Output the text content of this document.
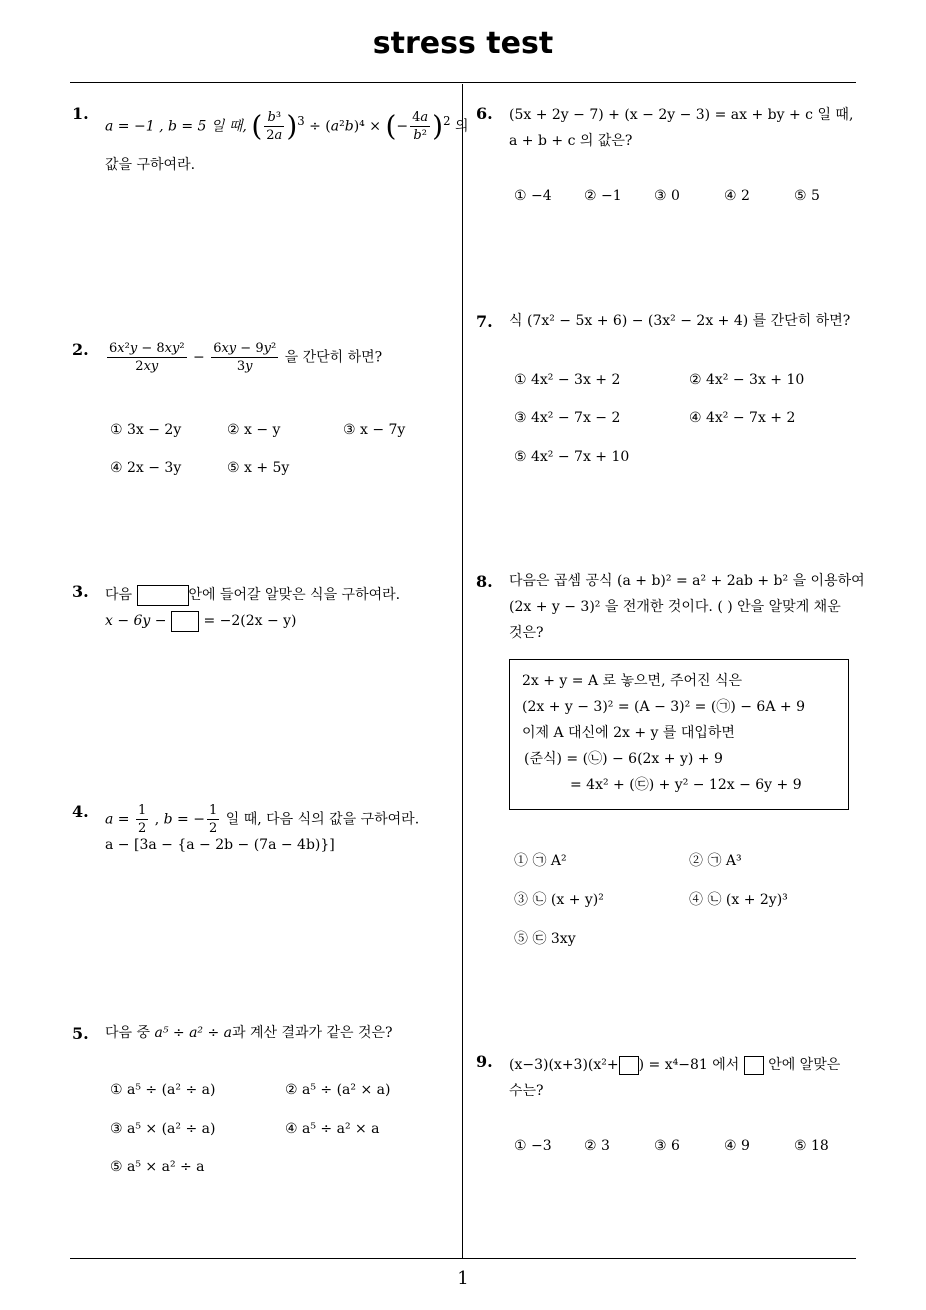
stress test
1
1.
a = −1 , b = 5 일 때, ( $\frac{\text{b³}}{2a} )^3 \div (a^2b)^4$ × (− $\frac{4a}{\text{b²}} )^2$ 의
값을 구하여라.
2. $\frac{\text{6x²y − 8xy²}}{2xy} - \frac{\text{6xy − 9y²}}{3y}$ 을 간단히 하면?
① 3x − 2y	② x − y	③ x − 7y
④ 2x − 3y	⑤ x + 5y
3. 다음	안에 들어갈 알맞은 식을 구하여라.
x − 6y −	= −2(2x − y)
4. $a = \frac{1}{2}$ , b = − $\frac{1}{2}$ 일 때, 다음 식의 값을 구하여라.
a − [3a − {a − 2b − (7a − 4b)}]
5. 다음 중 a⁵ ÷ a² ÷ a과 계산 결과가 같은 것은?
① a⁵ ÷ (a² ÷ a)	② a⁵ ÷ (a² × a)
③ a⁵ × (a² ÷ a)	④ a⁵ ÷ a² × a
⑤ a⁵ × a² ÷ a
6. (5x + 2y − 7) + (x − 2y − 3) = ax + by + c 일 때,
a + b + c 의 값은?
① −4 ② −1 ③ 0	④ 2	⑤ 5
7. 식 (7x² − 5x + 6) − (3x² − 2x + 4) 를 간단히 하면?
① 4x² − 3x + 2	② 4x² − 3x + 10
③ 4x² − 7x − 2	④ 4x² − 7x + 2
⑤ 4x² − 7x + 10
8. 다음은 곱셈 공식 (a + b)² = a² + 2ab + b² 을 이용하여
(2x + y − 3)² 을 전개한 것이다. ( ) 안을 알맞게 채운
것은?
2x + y = A 로 놓으면, 주어진 식은
(2x + y − 3)² = (A − 3)² = (㉠) − 6A + 9
이제 A 대신에 2x + y 를 대입하면
(준식) = (㉡) − 6(2x + y) + 9
= 4x² + (㉢) + y² − 12x − 6y + 9
① ㉠ A²	② ㉠ A³
③ ㉡ (x + y)²	④ ㉡ (x + 2y)³
⑤ ㉢ 3xy
9. (x−3)(x+3)(x²+ ) = x⁴−81 에서 안에 알맞은
수는?
① −3 ② 3	③ 6	④ 9	⑤ 18
